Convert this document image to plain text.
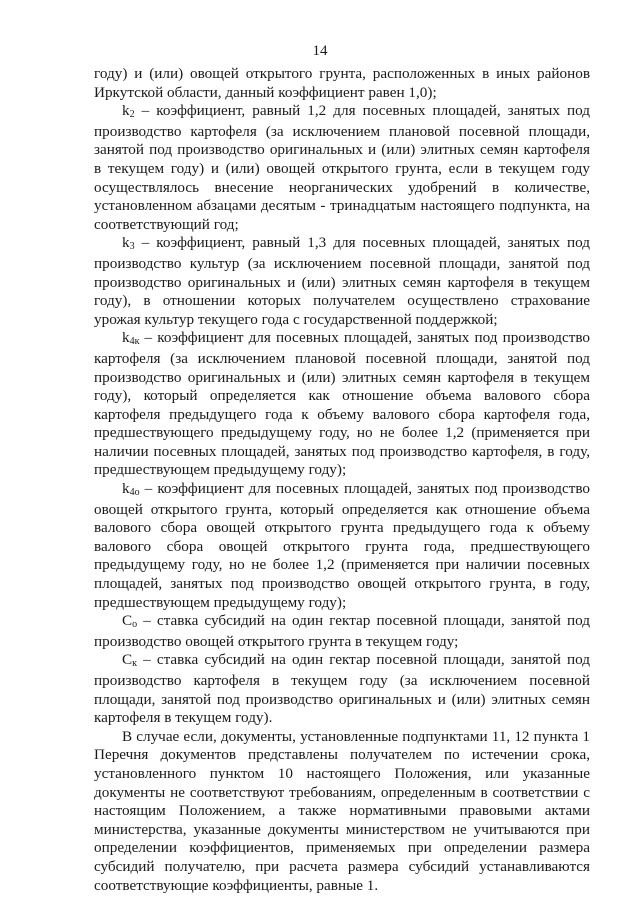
14

году) и (или) овощей открытого грунта, расположенных в иных районов Иркутской области, данный коэффициент равен 1,0);

k2 – коэффициент, равный 1,2 для посевных площадей, занятых под производство картофеля (за исключением плановой посевной площади, занятой под производство оригинальных и (или) элитных семян картофеля в текущем году) и (или) овощей открытого грунта, если в текущем году осуществлялось внесение неорганических удобрений в количестве, установленном абзацами десятым - тринадцатым настоящего подпункта, на соответствующий год;

k3 – коэффициент, равный 1,3 для посевных площадей, занятых под производство культур (за исключением посевной площади, занятой под производство оригинальных и (или) элитных семян картофеля в текущем году), в отношении которых получателем осуществлено страхование урожая культур текущего года с государственной поддержкой;

k4к – коэффициент для посевных площадей, занятых под производство картофеля (за исключением плановой посевной площади, занятой под производство оригинальных и (или) элитных семян картофеля в текущем году), который определяется как отношение объема валового сбора картофеля предыдущего года к объему валового сбора картофеля года, предшествующего предыдущему году, но не более 1,2 (применяется при наличии посевных площадей, занятых под производство картофеля, в году, предшествующем предыдущему году);

k4о – коэффициент для посевных площадей, занятых под производство овощей открытого грунта, который определяется как отношение объема валового сбора овощей открытого грунта предыдущего года к объему валового сбора овощей открытого грунта года, предшествующего предыдущему году, но не более 1,2 (применяется при наличии посевных площадей, занятых под производство овощей открытого грунта, в году, предшествующем предыдущему году);

Со – ставка субсидий на один гектар посевной площади, занятой под производство овощей открытого грунта в текущем году;

Ск – ставка субсидий на один гектар посевной площади, занятой под производство картофеля в текущем году (за исключением посевной площади, занятой под производство оригинальных и (или) элитных семян картофеля в текущем году).

В случае если, документы, установленные подпунктами 11, 12 пункта 1 Перечня документов представлены получателем по истечении срока, установленного пунктом 10 настоящего Положения, или указанные документы не соответствуют требованиям, определенным в соответствии с настоящим Положением, а также нормативными правовыми актами министерства, указанные документы министерством не учитываются при определении коэффициентов, применяемых при определении размера субсидий получателю, при расчета размера субсидий устанавливаются соответствующие коэффициенты, равные 1.
